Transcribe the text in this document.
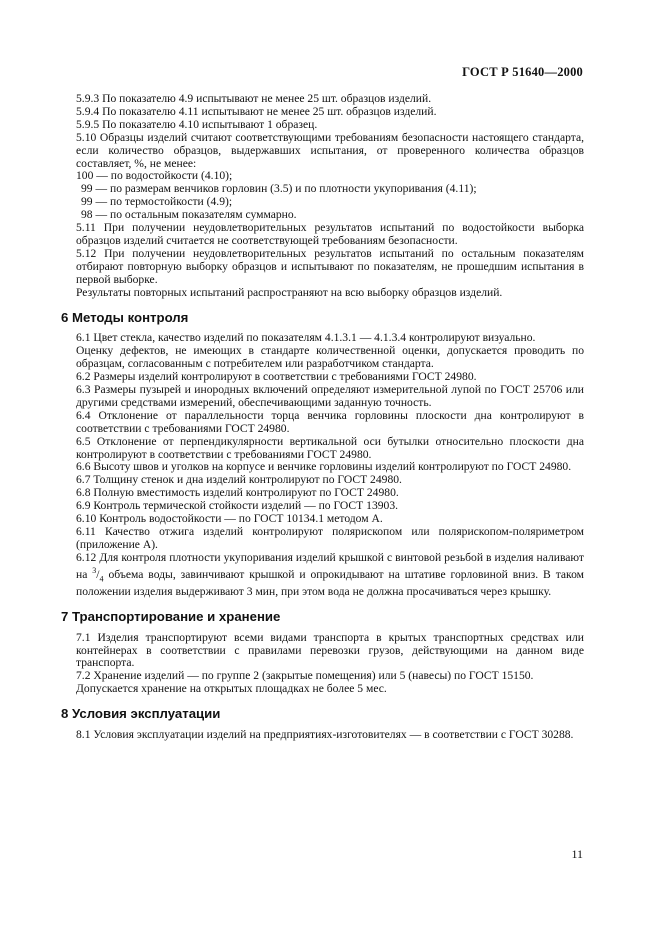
ГОСТ Р 51640—2000

5.9.3 По показателю 4.9 испытывают не менее 25 шт. образцов изделий.

5.9.4 По показателю 4.11 испытывают не менее 25 шт. образцов изделий.

5.9.5 По показателю 4.10 испытывают 1 образец.

5.10 Образцы изделий считают соответствующими требованиям безопасности настоящего стандарта, если количество образцов, выдержавших испытания, от проверенного количества образцов составляет, %, не менее:

100 — по водостойкости (4.10);

99 — по размерам венчиков горловин (3.5) и по плотности укупоривания (4.11);

99 — по термостойкости (4.9);

98 — по остальным показателям суммарно.

5.11 При получении неудовлетворительных результатов испытаний по водостойкости выборка образцов изделий считается не соответствующей требованиям безопасности.

5.12 При получении неудовлетворительных результатов испытаний по остальным показателям отбирают повторную выборку образцов и испытывают по показателям, не прошедшим испытания в первой выборке.

Результаты повторных испытаний распространяют на всю выборку образцов изделий.

6 Методы контроля

6.1 Цвет стекла, качество изделий по показателям 4.1.3.1 — 4.1.3.4 контролируют визуально.

Оценку дефектов, не имеющих в стандарте количественной оценки, допускается проводить по образцам, согласованным с потребителем или разработчиком стандарта.

6.2 Размеры изделий контролируют в соответствии с требованиями ГОСТ 24980.

6.3 Размеры пузырей и инородных включений определяют измерительной лупой по ГОСТ 25706 или другими средствами измерений, обеспечивающими заданную точность.

6.4 Отклонение от параллельности торца венчика горловины плоскости дна контролируют в соответствии с требованиями ГОСТ 24980.

6.5 Отклонение от перпендикулярности вертикальной оси бутылки относительно плоскости дна контролируют в соответствии с требованиями ГОСТ 24980.

6.6 Высоту швов и уголков на корпусе и венчике горловины изделий контролируют по ГОСТ 24980.

6.7 Толщину стенок и дна изделий контролируют по ГОСТ 24980.

6.8 Полную вместимость изделий контролируют по ГОСТ 24980.

6.9 Контроль термической стойкости изделий — по ГОСТ 13903.

6.10 Контроль водостойкости — по ГОСТ 10134.1 методом А.

6.11 Качество отжига изделий контролируют полярископом или полярископом-поляриметром (приложение А).

6.12 Для контроля плотности укупоривания изделий крышкой с винтовой резьбой в изделия наливают на $^3/_4$ объема воды, завинчивают крышкой и опрокидывают на штативе горловиной вниз. В таком положении изделия выдерживают 3 мин, при этом вода не должна просачиваться через крышку.

7 Транспортирование и хранение

7.1 Изделия транспортируют всеми видами транспорта в крытых транспортных средствах или контейнерах в соответствии с правилами перевозки грузов, действующими на данном виде транспорта.

7.2 Хранение изделий — по группе 2 (закрытые помещения) или 5 (навесы) по ГОСТ 15150.

Допускается хранение на открытых площадках не более 5 мес.

8 Условия эксплуатации

8.1 Условия эксплуатации изделий на предприятиях-изготовителях — в соответствии с ГОСТ 30288.

11
